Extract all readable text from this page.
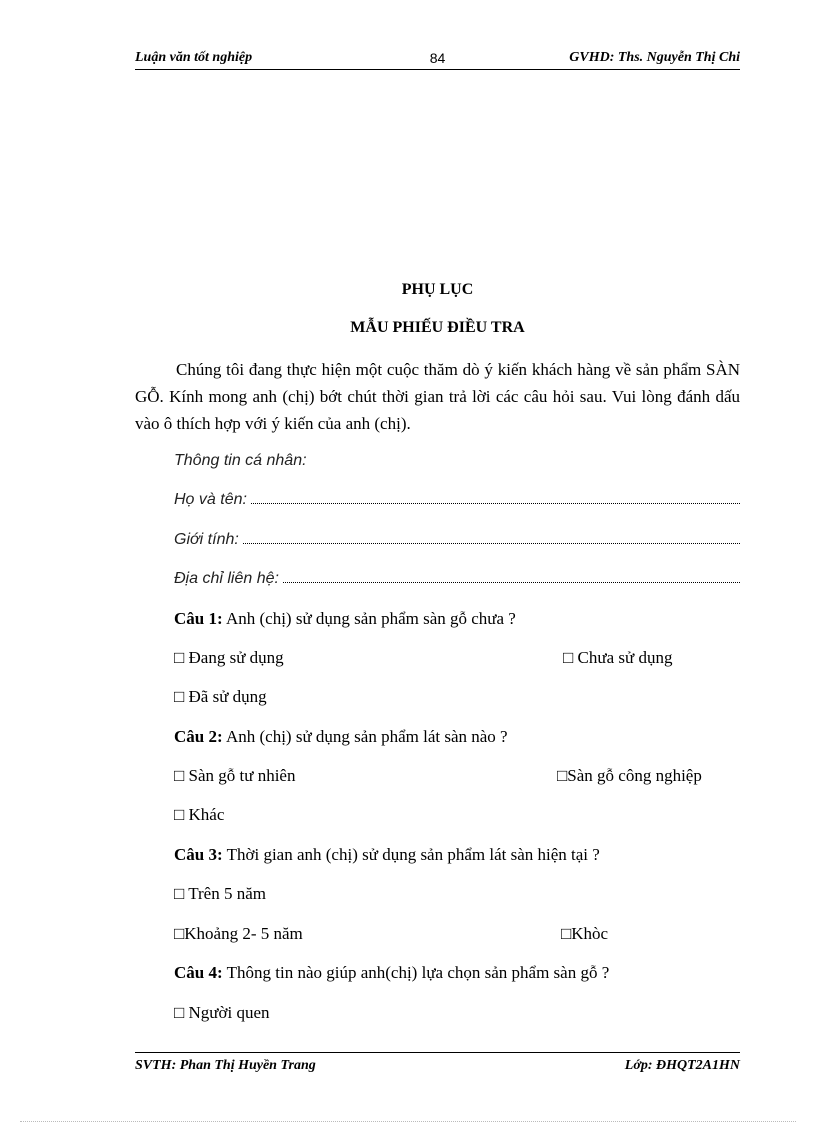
Luận văn tốt nghiệp	84	GVHD: Ths. Nguyễn Thị Chi
PHỤ LỤC
MẪU PHIẾU ĐIỀU TRA

Chúng tôi đang thực hiện một cuộc thăm dò ý kiến khách hàng về sản phẩm SÀN GỖ. Kính mong anh (chị) bớt chút thời gian trả lời các câu hỏi sau. Vui lòng đánh dấu vào ô thích hợp với ý kiến của anh (chị).

Thông tin cá nhân:
Họ và tên:
Giới tính:
Địa chỉ liên hệ:
Câu 1: Anh (chị) sử dụng sản phẩm sàn gỗ chưa ?
□ Đang sử dụng	□ Chưa sử dụng
□ Đã sử dụng
Câu 2: Anh (chị) sử dụng sản phẩm lát sàn nào ?
□ Sàn gỗ tư nhiên	□Sàn gỗ công nghiệp
□ Khác
Câu 3: Thời gian anh (chị) sử dụng sản phẩm lát sàn hiện tại ?
□ Trên 5 năm
□Khoảng 2- 5 năm	□Khòc
Câu 4: Thông tin nào giúp anh(chị) lựa chọn sản phẩm sàn gỗ ?
□ Người quen
SVTH: Phan Thị Huyền Trang	Lớp: ĐHQT2A1HN
